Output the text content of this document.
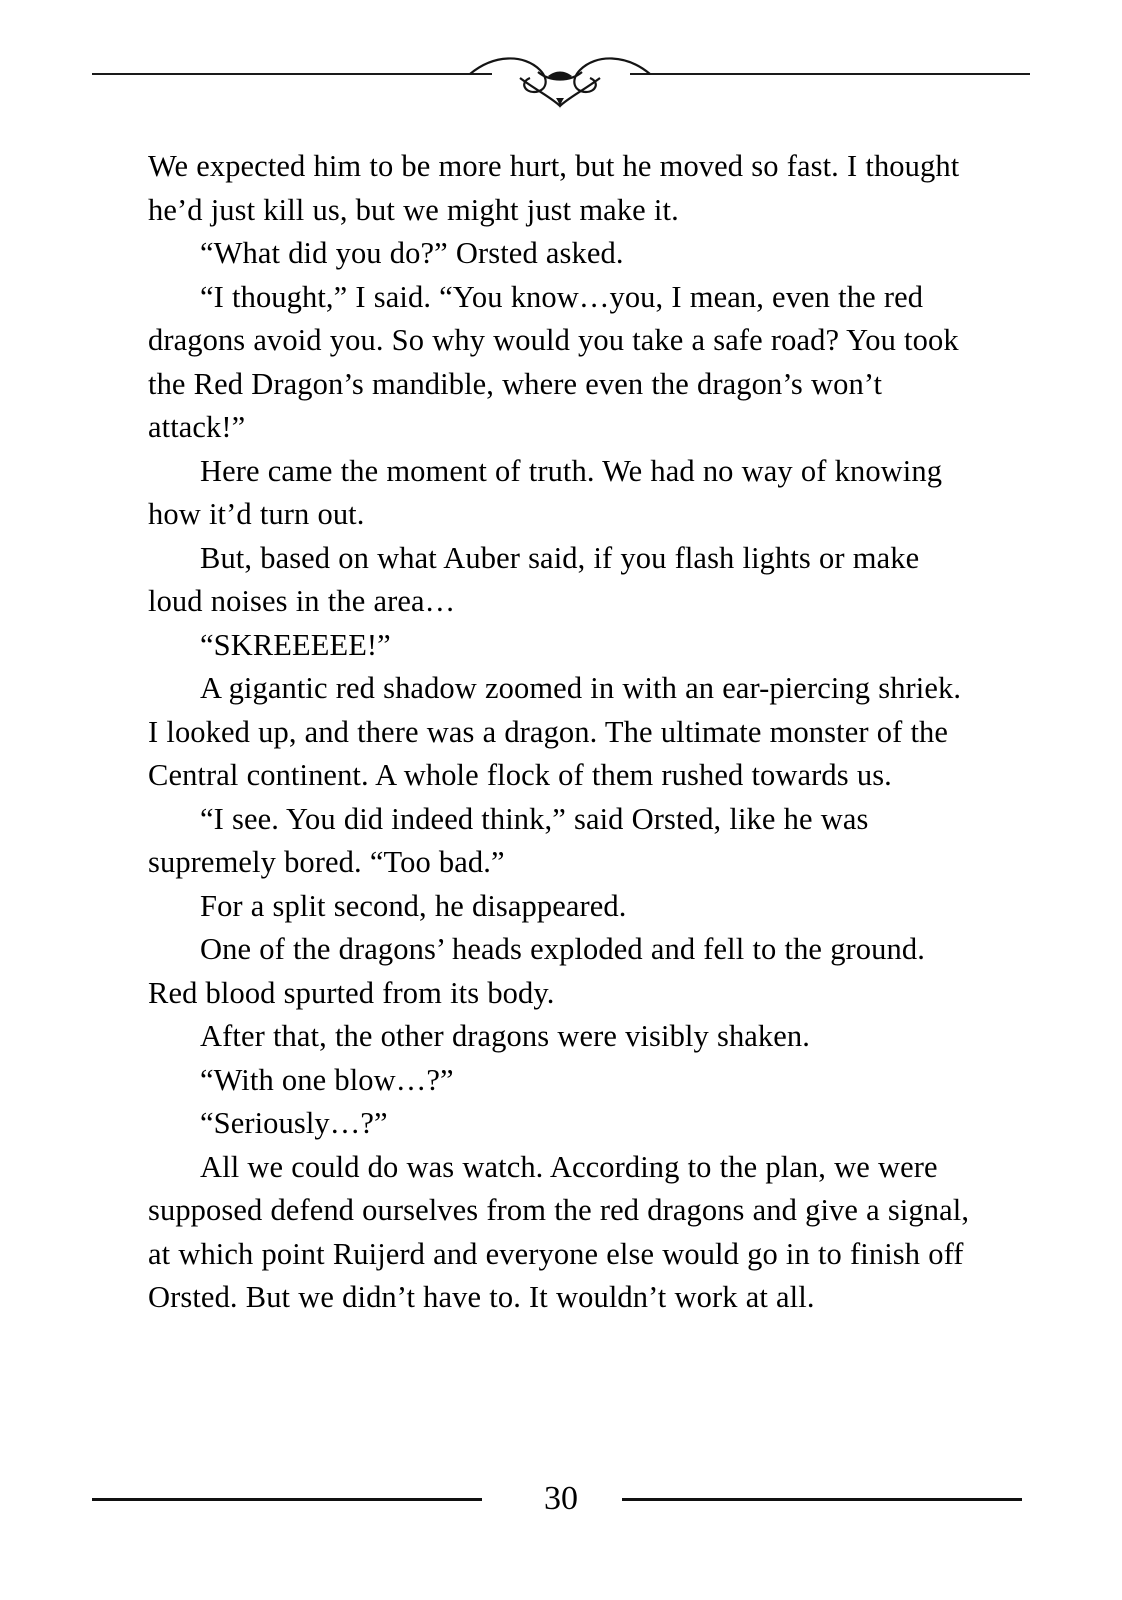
We expected him to be more hurt, but he moved so fast. I thought he’d just kill us, but we might just make it.

“What did you do?” Orsted asked.

“I thought,” I said. “You know…you, I mean, even the red dragons avoid you. So why would you take a safe road? You took the Red Dragon’s mandible, where even the dragon’s won’t attack!”

Here came the moment of truth. We had no way of knowing how it’d turn out.

But, based on what Auber said, if you flash lights or make loud noises in the area…

“SKREEEEE!”

A gigantic red shadow zoomed in with an ear-piercing shriek. I looked up, and there was a dragon. The ultimate monster of the Central continent. A whole flock of them rushed towards us.

“I see. You did indeed think,” said Orsted, like he was supremely bored. “Too bad.”

For a split second, he disappeared.

One of the dragons’ heads exploded and fell to the ground. Red blood spurted from its body.

After that, the other dragons were visibly shaken.

“With one blow…?”

“Seriously…?”

All we could do was watch. According to the plan, we were supposed defend ourselves from the red dragons and give a signal, at which point Ruijerd and everyone else would go in to finish off Orsted. But we didn’t have to. It wouldn’t work at all.

30
